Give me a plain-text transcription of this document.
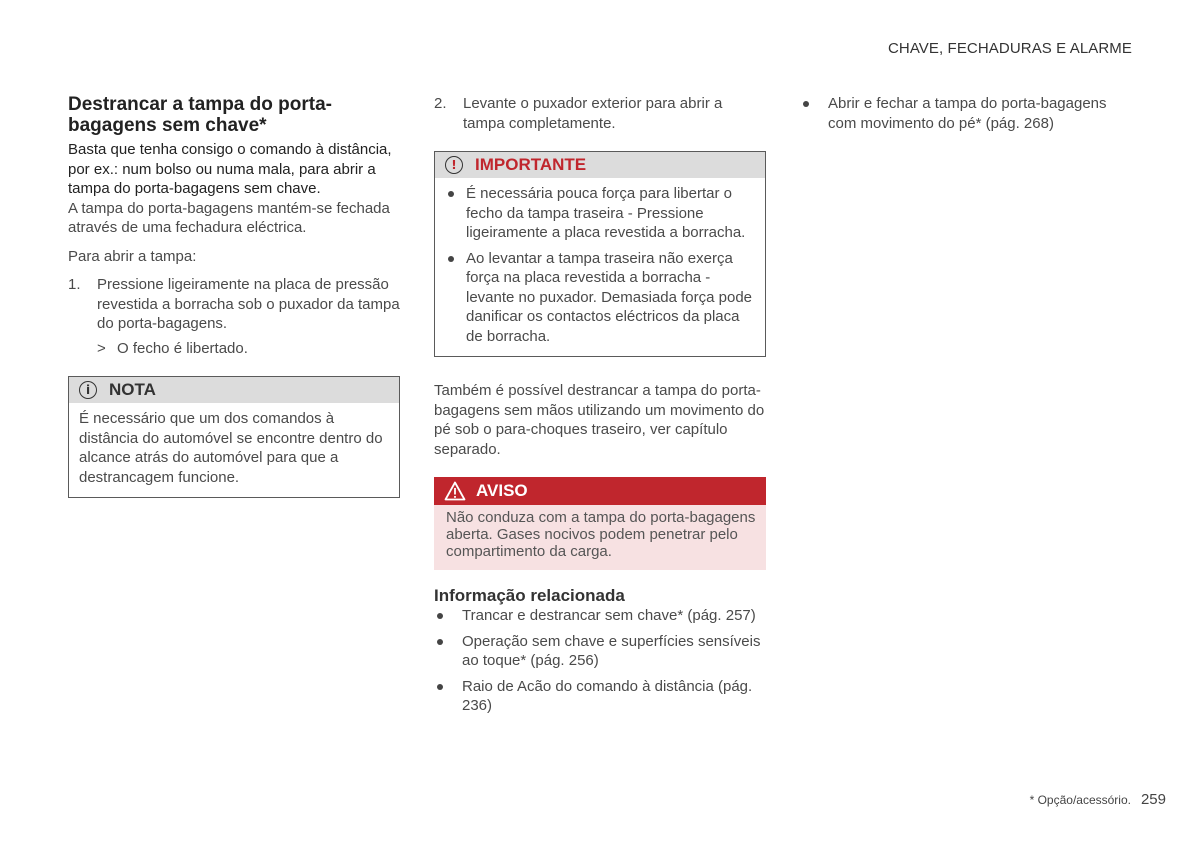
CHAVE, FECHADURAS E ALARME
Destrancar a tampa do porta-bagagens sem chave*

Basta que tenha consigo o comando à distância, por ex.: num bolso ou numa mala, para abrir a tampa do porta-bagagens sem chave.

A tampa do porta-bagagens mantém-se fechada através de uma fechadura eléctrica.

Para abrir a tampa:

1. Pressione ligeiramente na placa de pressão revestida a borracha sob o puxador da tampa do porta-bagagens.
> O fecho é libertado.
i	NOTA
É necessário que um dos comandos à distância do automóvel se encontre dentro do alcance atrás do automóvel para que a destrancagem funcione.
2. Levante o puxador exterior para abrir a tampa completamente.
!	IMPORTANTE
É necessária pouca força para libertar o fecho da tampa traseira - Pressione ligeiramente a placa revestida a borracha.
Ao levantar a tampa traseira não exerça força na placa revestida a borracha - levante no puxador. Demasiada força pode danificar os contactos eléctricos da placa de borracha.

Também é possível destrancar a tampa do porta-bagagens sem mãos utilizando um movimento do pé sob o para-choques traseiro, ver capítulo separado.

AVISO
Não conduza com a tampa do porta-bagagens aberta. Gases nocivos podem penetrar pelo compartimento da carga.
Informação relacionada
Trancar e destrancar sem chave* (pág. 257)
Operação sem chave e superfícies sensíveis ao toque* (pág. 256)
Raio de Acão do comando à distância (pág. 236)
Abrir e fechar a tampa do porta-bagagens com movimento do pé* (pág. 268)
* Opção/acessório. 259
